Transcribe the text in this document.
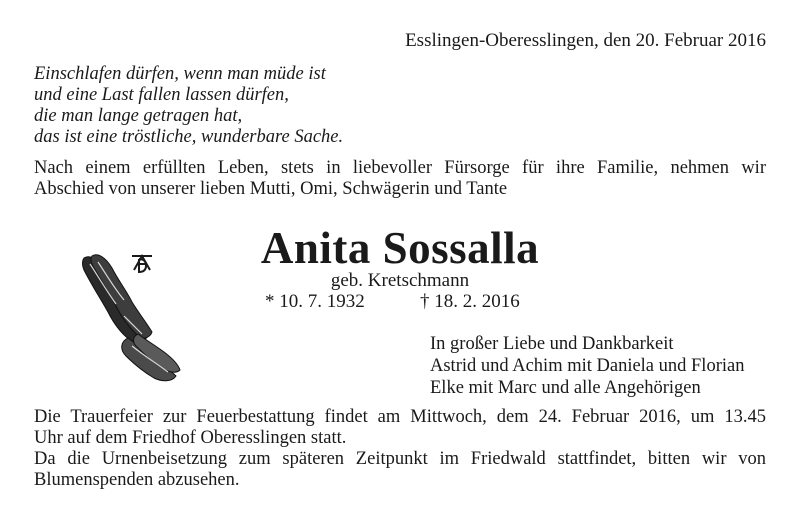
Esslingen-Oberesslingen, den 20. Februar 2016
Einschlafen dürfen, wenn man müde ist
und eine Last fallen lassen dürfen,
die man lange getragen hat,
das ist eine tröstliche, wunderbare Sache.
Nach einem erfüllten Leben, stets in liebevoller Fürsorge für ihre Familie, nehmen wir
Abschied von unserer lieben Mutti, Omi, Schwägerin und Tante
Anita Sossalla
geb. Kretschmann
* 10. 7. 1932	† 18. 2. 2016
In großer Liebe und Dankbarkeit
Astrid und Achim mit Daniela und Florian
Elke mit Marc und alle Angehörigen
Die Trauerfeier zur Feuerbestattung findet am Mittwoch, dem 24. Februar 2016, um 13.45
Uhr auf dem Friedhof Oberesslingen statt.
Da die Urnenbeisetzung zum späteren Zeitpunkt im Friedwald stattfindet, bitten wir von
Blumenspenden abzusehen.
